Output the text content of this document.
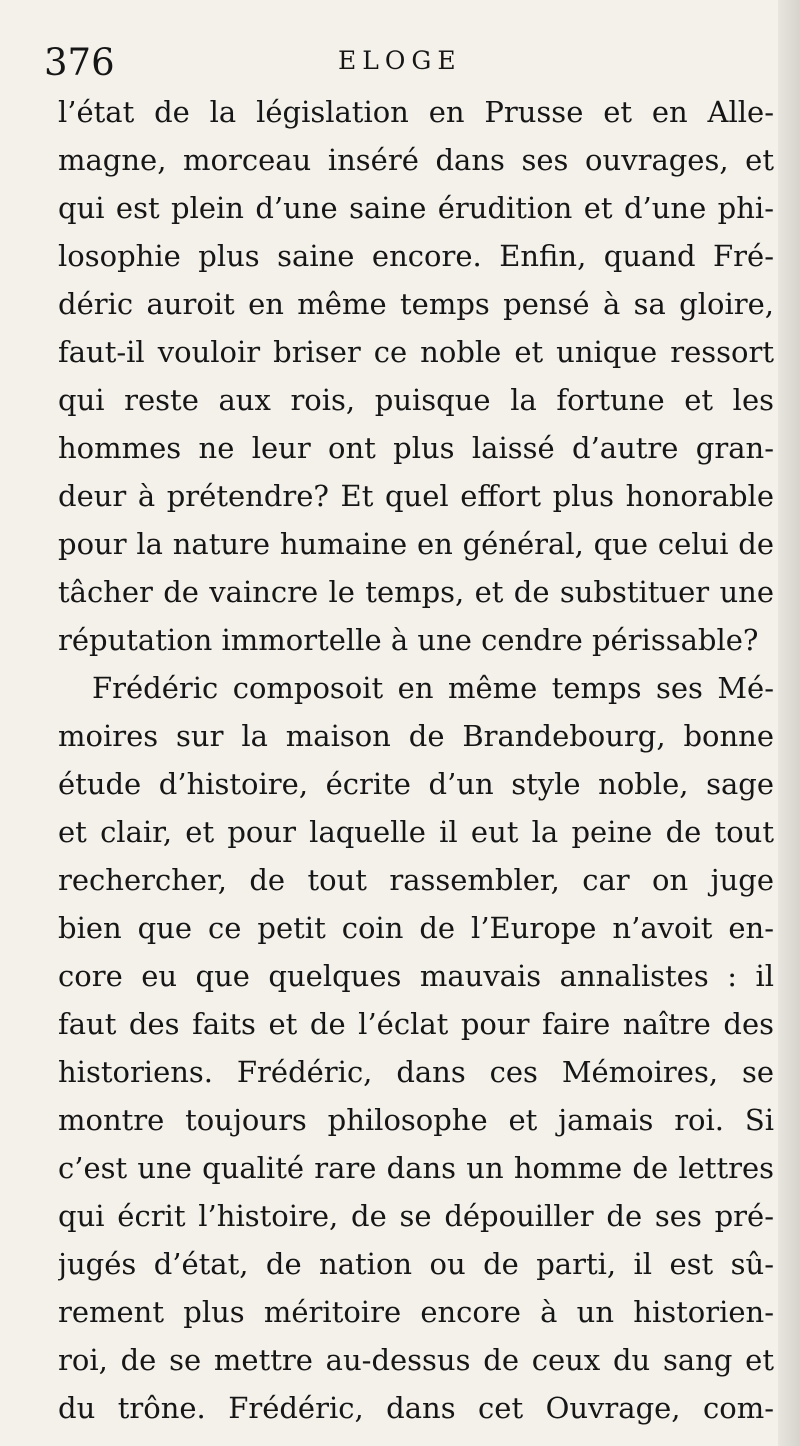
376	ELOGE
l’état de la législation en Prusse et en Alle-
magne, morceau inséré dans ses ouvrages, et
qui est plein d’une saine érudition et d’une phi-
losophie plus saine encore. Enfin, quand Fré-
déric auroit en même temps pensé à sa gloire,
faut-il vouloir briser ce noble et unique ressort
qui reste aux rois, puisque la fortune et les
hommes ne leur ont plus laissé d’autre gran-
deur à prétendre? Et quel effort plus honorable
pour la nature humaine en général, que celui de
tâcher de vaincre le temps, et de substituer une
réputation immortelle à une cendre périssable?
Frédéric composoit en même temps ses Mé-
moires sur la maison de Brandebourg, bonne
étude d’histoire, écrite d’un style noble, sage
et clair, et pour laquelle il eut la peine de tout
rechercher, de tout rassembler, car on juge
bien que ce petit coin de l’Europe n’avoit en-
core eu que quelques mauvais annalistes : il
faut des faits et de l’éclat pour faire naître des
historiens. Frédéric, dans ces Mémoires, se
montre toujours philosophe et jamais roi. Si
c’est une qualité rare dans un homme de lettres
qui écrit l’histoire, de se dépouiller de ses pré-
jugés d’état, de nation ou de parti, il est sû-
rement plus méritoire encore à un historien-
roi, de se mettre au-dessus de ceux du sang et
du trône. Frédéric, dans cet Ouvrage, com-
